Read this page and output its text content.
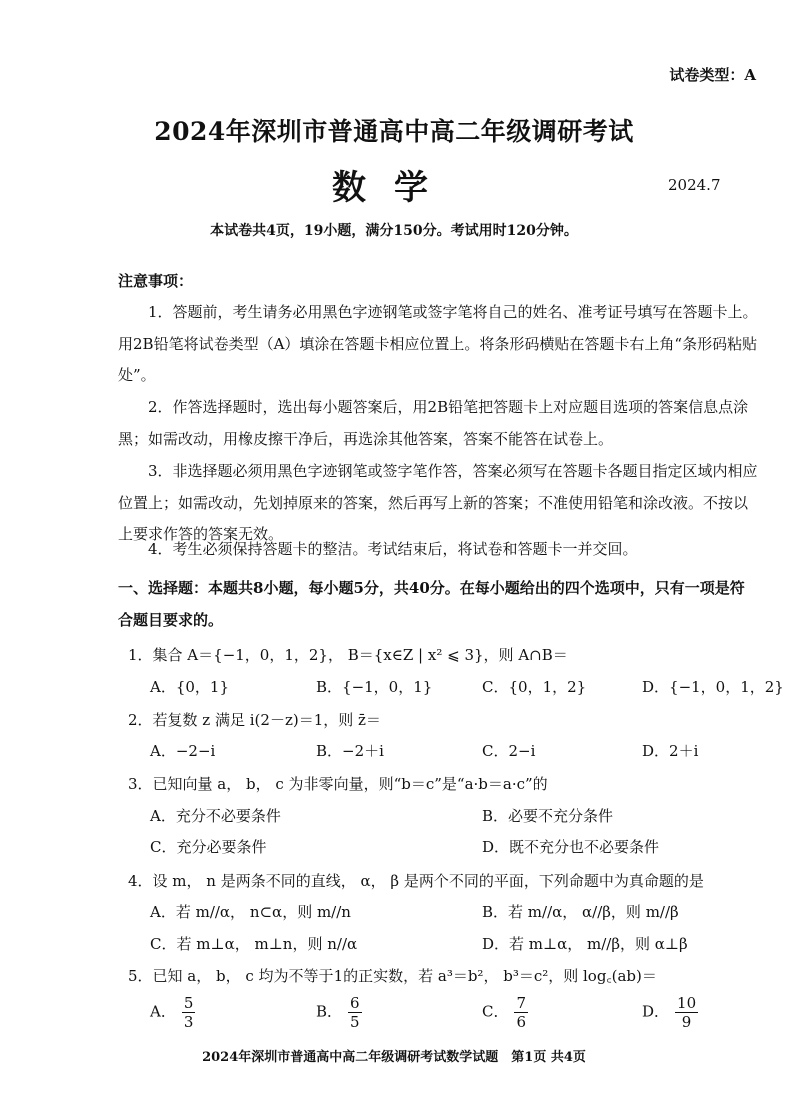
试卷类型：A
2024年深圳市普通高中高二年级调研考试
数学	2024.7
本试卷共4页，19小题，满分150分。考试用时120分钟。
注意事项：
1．答题前，考生请务必用黑色字迹钢笔或签字笔将自己的姓名、准考证号填写在答题卡上。用2B铅笔将试卷类型（A）填涂在答题卡相应位置上。将条形码横贴在答题卡右上角“条形码粘贴处”。
2．作答选择题时，选出每小题答案后，用2B铅笔把答题卡上对应题目选项的答案信息点涂黑；如需改动，用橡皮擦干净后，再选涂其他答案，答案不能答在试卷上。
3．非选择题必须用黑色字迹钢笔或签字笔作答，答案必须写在答题卡各题目指定区域内相应位置上；如需改动，先划掉原来的答案，然后再写上新的答案；不准使用铅笔和涂改液。不按以上要求作答的答案无效。
4．考生必须保持答题卡的整洁。考试结束后，将试卷和答题卡一并交回。
一、选择题：本题共8小题，每小题5分，共40分。在每小题给出的四个选项中，只有一项是符合题目要求的。
1．集合 A＝{−1，0，1，2}， B＝{x∈Z | x² ⩽ 3}，则 A∩B＝
A．{0，1}	B．{−1，0，1}	C．{0，1，2}	D．{−1，0，1，2}
2．若复数 z 满足 i(2－z)＝1，则 z̄＝
A．−2−i	B．−2＋i	C．2−i	D．2＋i
3．已知向量 a， b， c 为非零向量，则“b＝c”是“a·b＝a·c”的
A．充分不必要条件	B．必要不充分条件
C．充分必要条件	D．既不充分也不必要条件
4．设 m， n 是两条不同的直线， α， β 是两个不同的平面，下列命题中为真命题的是
A．若 m//α， n⊂α，则 m//n	B．若 m//α， α//β，则 m//β
C．若 m⊥α， m⊥n，则 n//α	D．若 m⊥α， m//β，则 α⊥β
5．已知 a， b， c 均为不等于1的正实数，若 a³＝b²， b³＝c²，则 log꜀(ab)＝
A． $\frac{5}{3}$	B． $\frac{6}{5}$	C． $\frac{7}{6}$	D． $\frac{10}{9}$
2024年深圳市普通高中高二年级调研考试数学试题　第1页 共4页
